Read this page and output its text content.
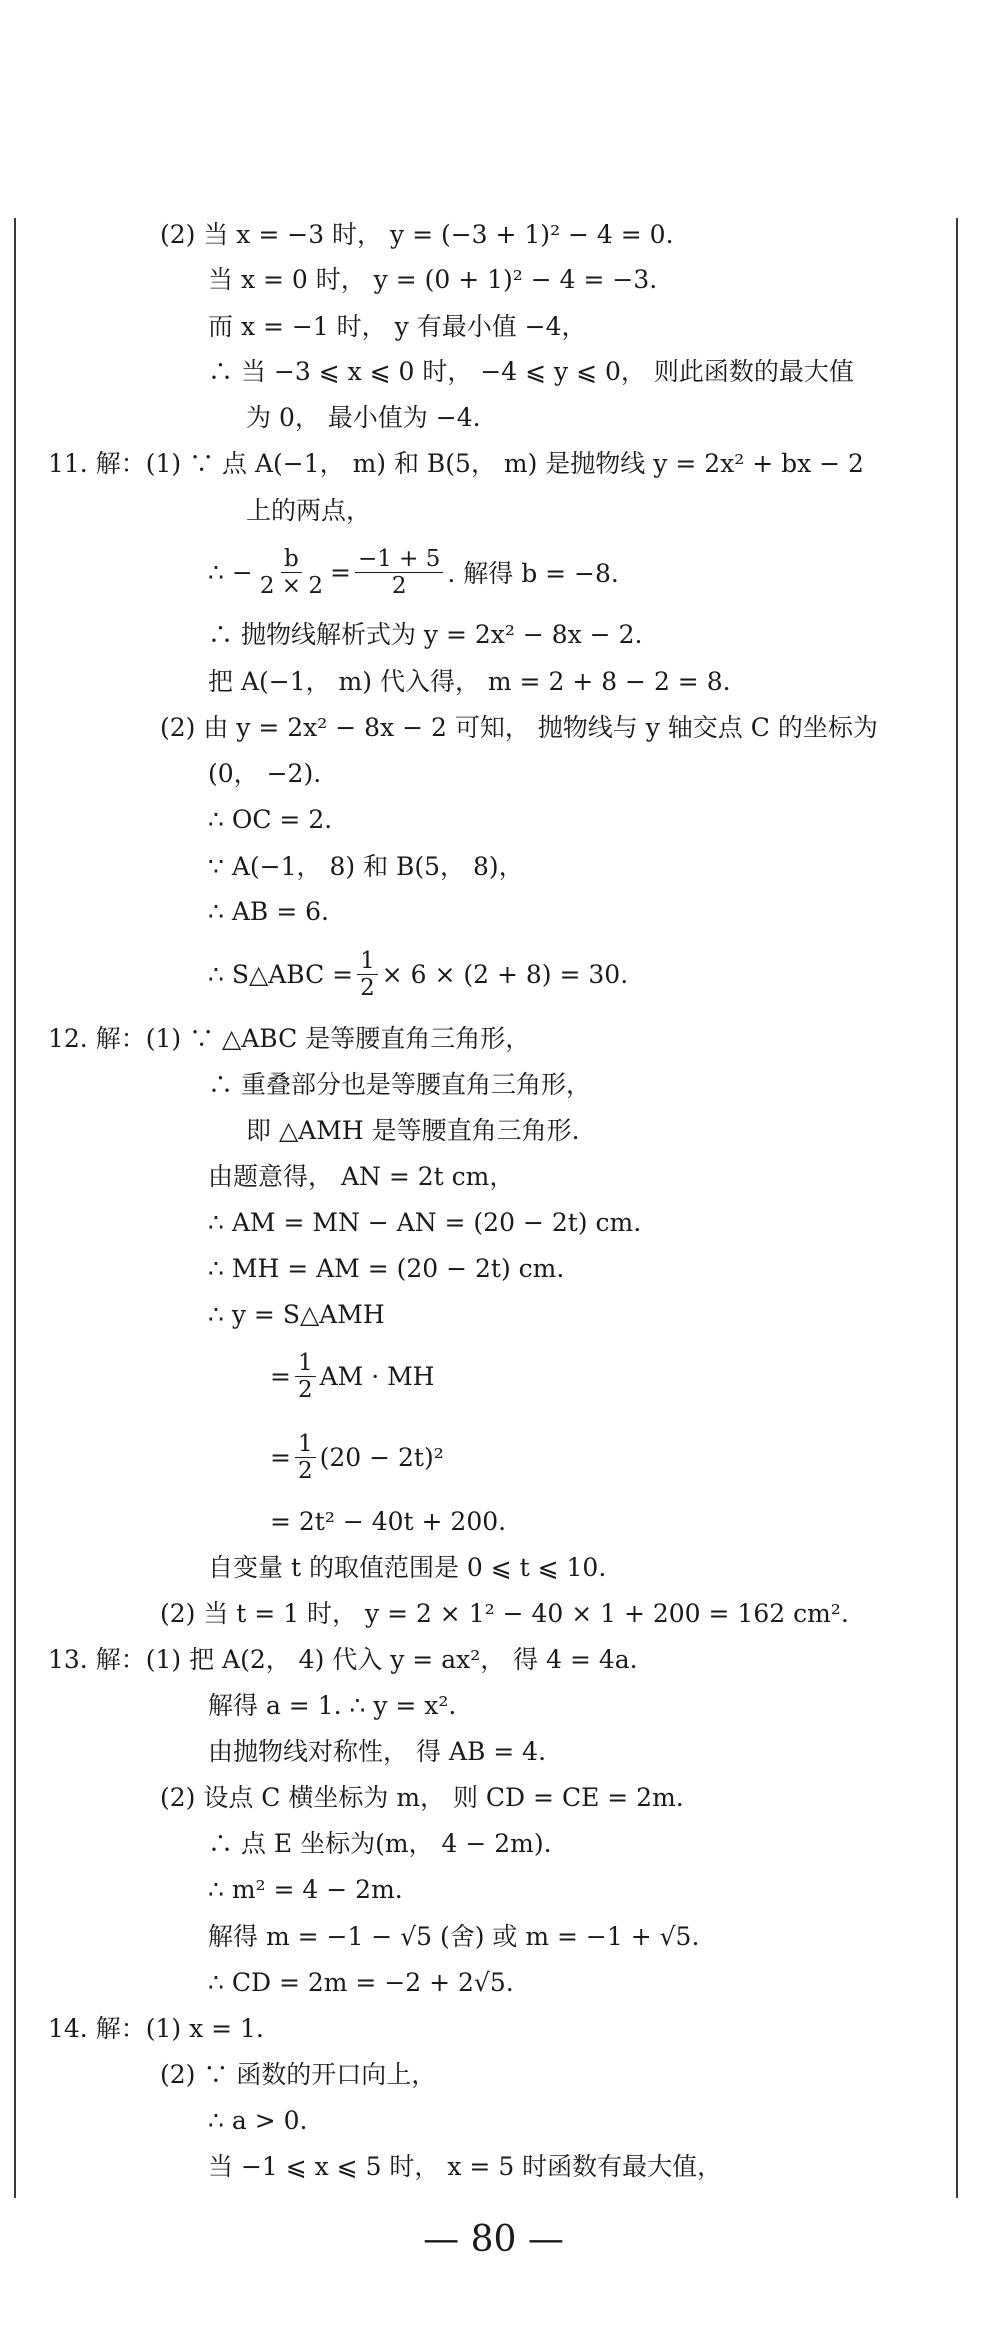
(2) 当 x = −3 时， y = (−3 + 1)² − 4 = 0.
当 x = 0 时， y = (0 + 1)² − 4 = −3.
而 x = −1 时， y 有最小值 −4，
∴ 当 −3 ⩽ x ⩽ 0 时， −4 ⩽ y ⩽ 0， 则此函数的最大值
为 0， 最小值为 −4.
11. 解：(1) ∵ 点 A(−1， m) 和 B(5， m) 是抛物线 y = 2x² + bx − 2
上的两点，
∴ − $\frac{b}{2 \times 2} = \frac{-1 + 5}{2}$ . 解得 b = −8.
∴ 抛物线解析式为 y = 2x² − 8x − 2.
把 A(−1， m) 代入得， m = 2 + 8 − 2 = 8.
(2) 由 y = 2x² − 8x − 2 可知， 抛物线与 y 轴交点 C 的坐标为
(0， −2).
∴ OC = 2.
∵ A(−1， 8) 和 B(5， 8)，
∴ AB = 6.
∴ S△ABC = $\frac{1}{2} \times 6 \times (2 + 8) = 30$.
12. 解：(1) ∵ △ABC 是等腰直角三角形，
∴ 重叠部分也是等腰直角三角形，
即 △AMH 是等腰直角三角形.
由题意得， AN = 2t cm，
∴ AM = MN − AN = (20 − 2t) cm.
∴ MH = AM = (20 − 2t) cm.
∴ y = S△AMH
= $\frac{1}{2}$ AM · MH
= $\frac{1}{2} (20 - 2t)^2$
= 2t² − 40t + 200.
自变量 t 的取值范围是 0 ⩽ t ⩽ 10.
(2) 当 t = 1 时， y = 2 × 1² − 40 × 1 + 200 = 162 cm².
13. 解：(1) 把 A(2， 4) 代入 y = ax²， 得 4 = 4a.
解得 a = 1. ∴ y = x².
由抛物线对称性， 得 AB = 4.
(2) 设点 C 横坐标为 m， 则 CD = CE = 2m.
∴ 点 E 坐标为(m， 4 − 2m).
∴ m² = 4 − 2m.
解得 m = −1 − √5 (舍) 或 m = −1 + √5.
∴ CD = 2m = −2 + 2√5.
14. 解：(1) x = 1.
(2) ∵ 函数的开口向上，
∴ a > 0.
当 −1 ⩽ x ⩽ 5 时， x = 5 时函数有最大值，
— 80 —
